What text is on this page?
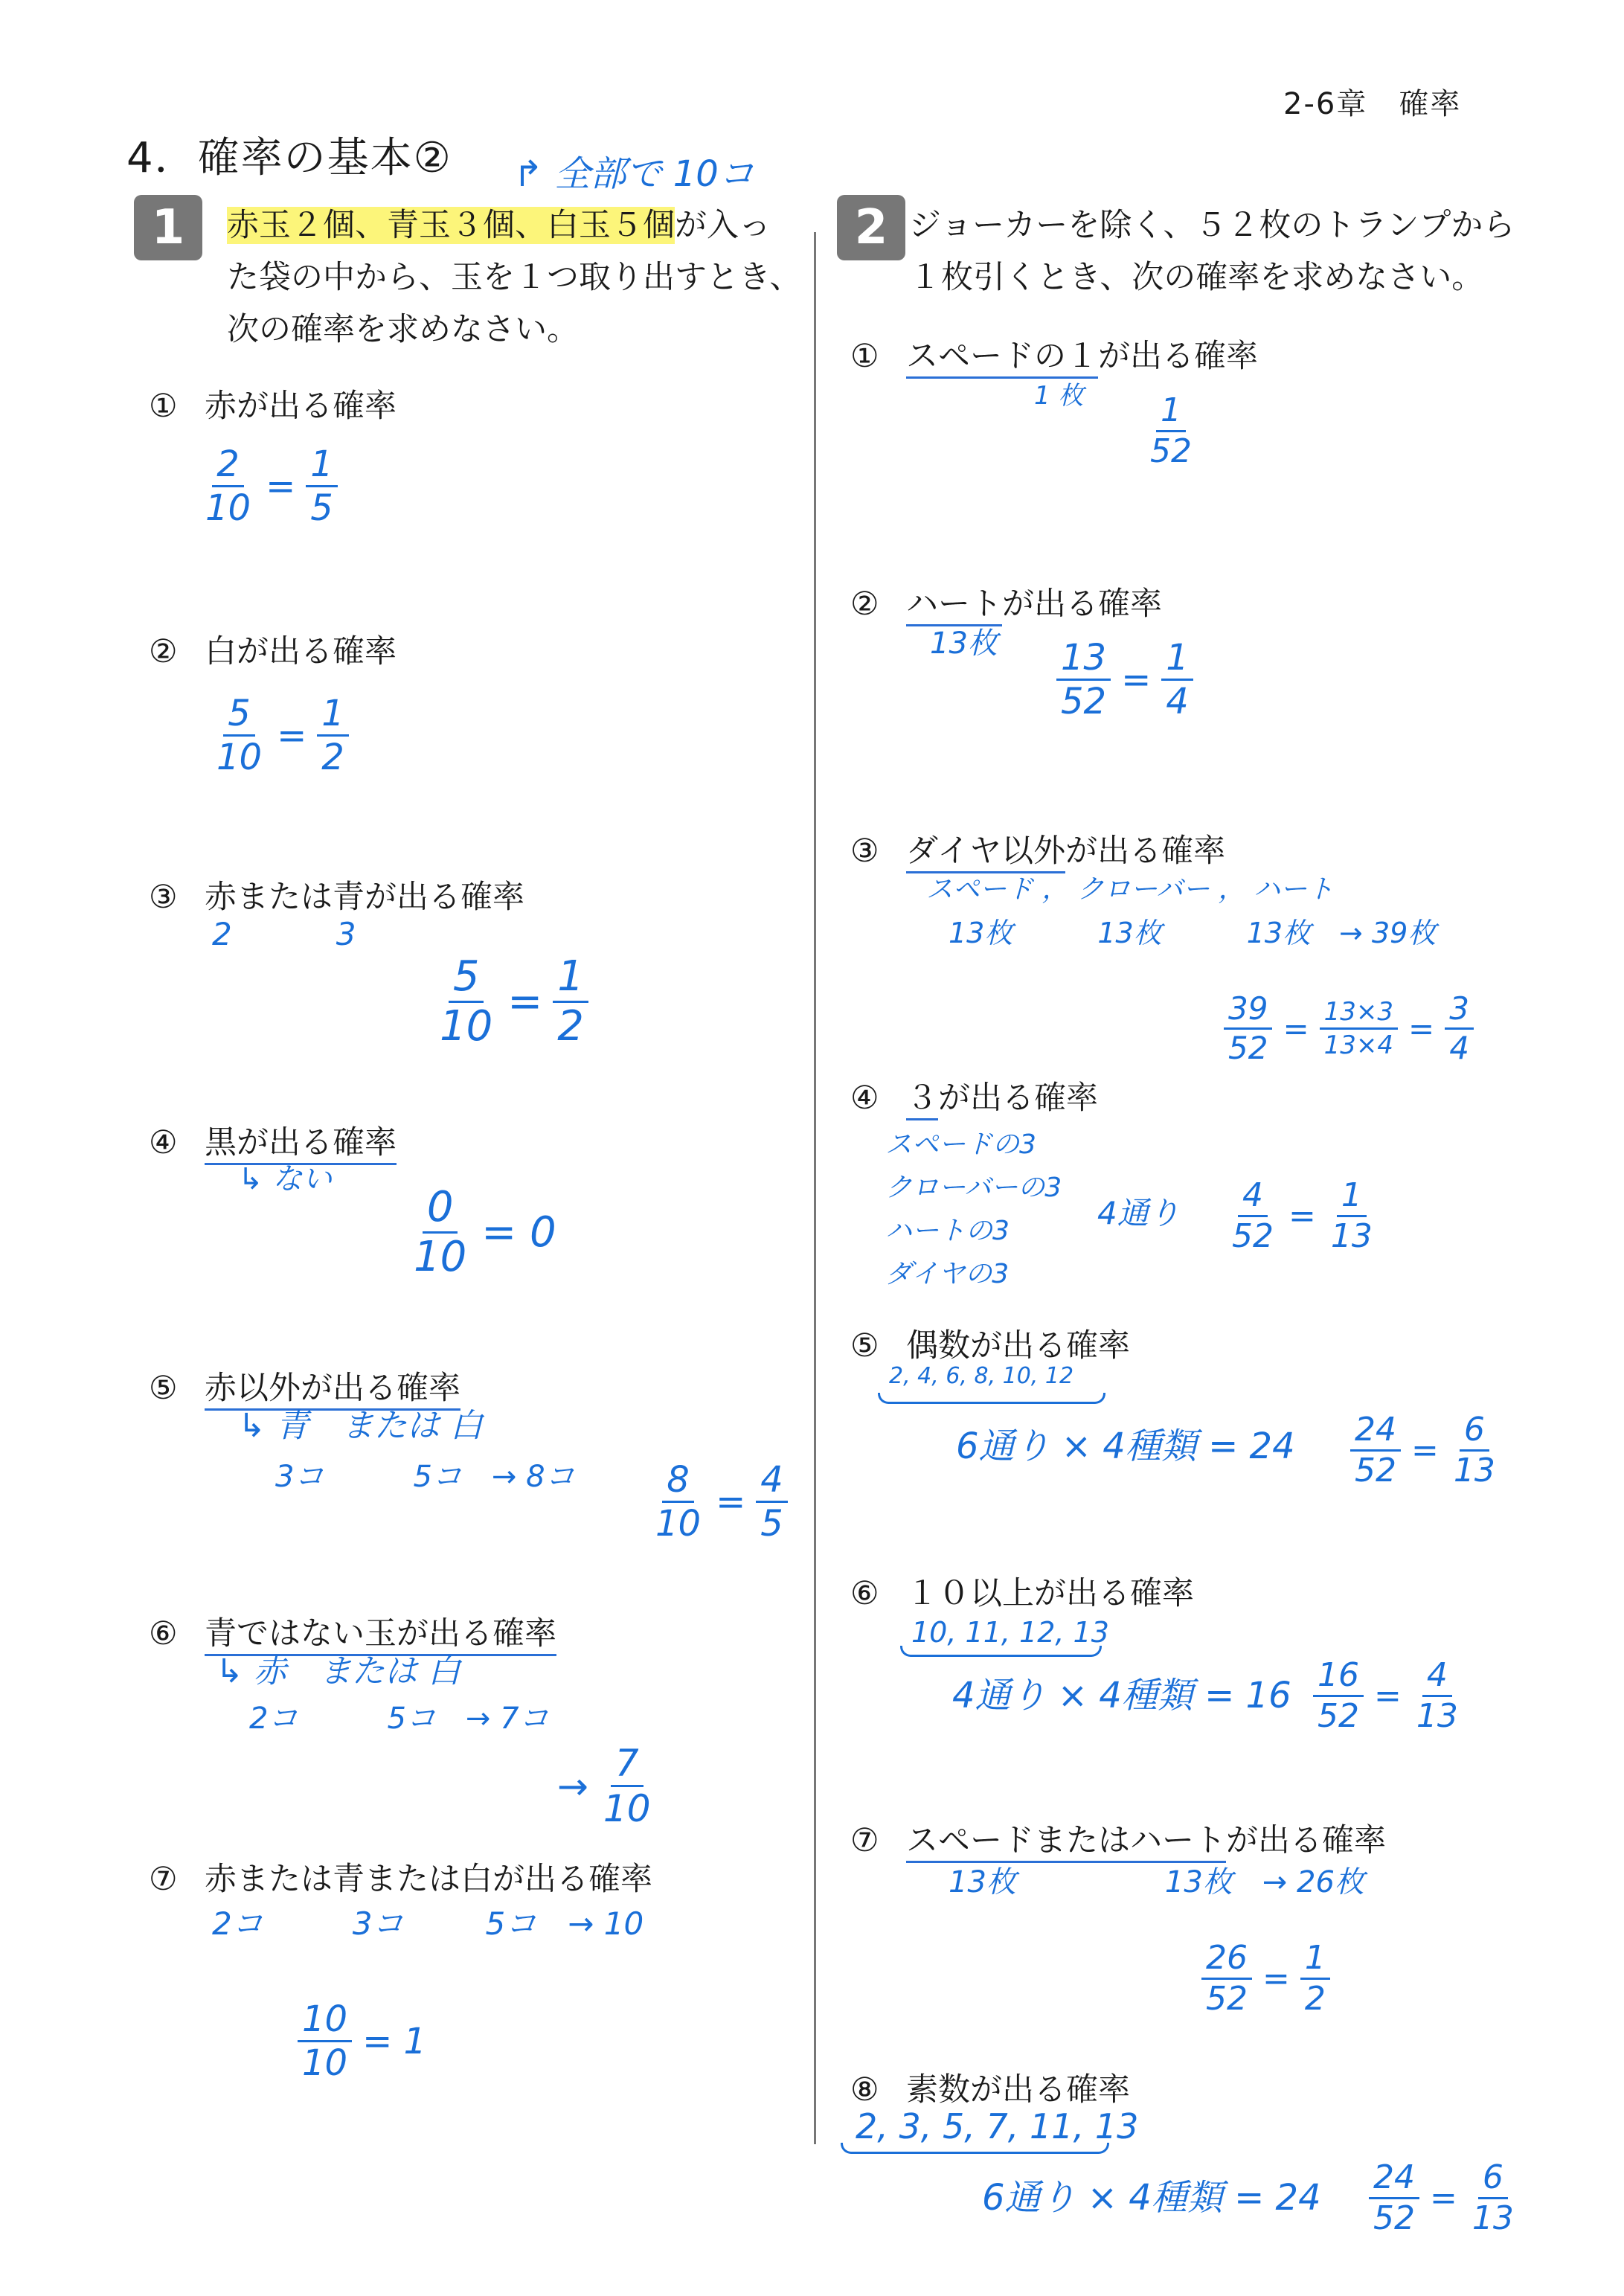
2-6章　確率
4．確率の基本②
1
↱ 全部で 10コ
赤玉２個、青玉３個、白玉５個が入っ
た袋の中から、玉を１つ取り出すとき、
次の確率を求めなさい。
① 赤が出る確率
② 白が出る確率
③ 赤または青が出る確率
④ 黒が出る確率
⑤ 赤以外が出る確率
⑥ 青ではない玉が出る確率
⑦ 赤または青または白が出る確率
$\frac{2}{10} = \frac{1}{5}$
$\frac{5}{10} = \frac{1}{2}$
2	3
$\frac{5}{10} = \frac{1}{2}$
↳ ない
$\frac{0}{10} = 0$
↳ 青　または 白
3コ	5コ　→ 8コ $\frac{8}{10} = \frac{4}{5}$
↳ 赤　または 白
2コ	5コ　→ 7コ
→ $\frac{7}{10}$
2コ	3コ	5コ　→ 10
$\frac{10}{10} = 1$
2 ジョーカーを除く、５２枚のトランプから
１枚引くとき、次の確率を求めなさい。
① スペードの１が出る確率
② ハートが出る確率
③ ダイヤ以外が出る確率
④ ３が出る確率
⑤ 偶数が出る確率
⑥ １０以上が出る確率
⑦ スペードまたはハートが出る確率
⑧ 素数が出る確率
1 枚 $\frac{1}{52}$
13枚 $\frac{13}{52} = \frac{1}{4}$
スペード ， クローバー ， ハート
13枚　　　13枚　　　13枚　→ 39枚
$\frac{39}{52} = \frac{13\times 3}{13\times 4} = \frac{3}{4}$
スペードの3
クローバーの3
ハートの3
ダイヤの3
4通り $\frac{4}{52} = \frac{1}{13}$
2, 4, 6, 8, 10, 12
6通り × 4種類 = $24 \frac{24}{52} = \frac{6}{13}$
10, 11, 12, 13
4通り × 4種類 = $16 \frac{16}{52} = \frac{4}{13}$
13枚	13枚　→ 26枚
$\frac{26}{52} = \frac{1}{2}$
2, 3, 5, 7, 11, 13
6通り × 4種類 = $24 \frac{24}{52} = \frac{6}{13}$
